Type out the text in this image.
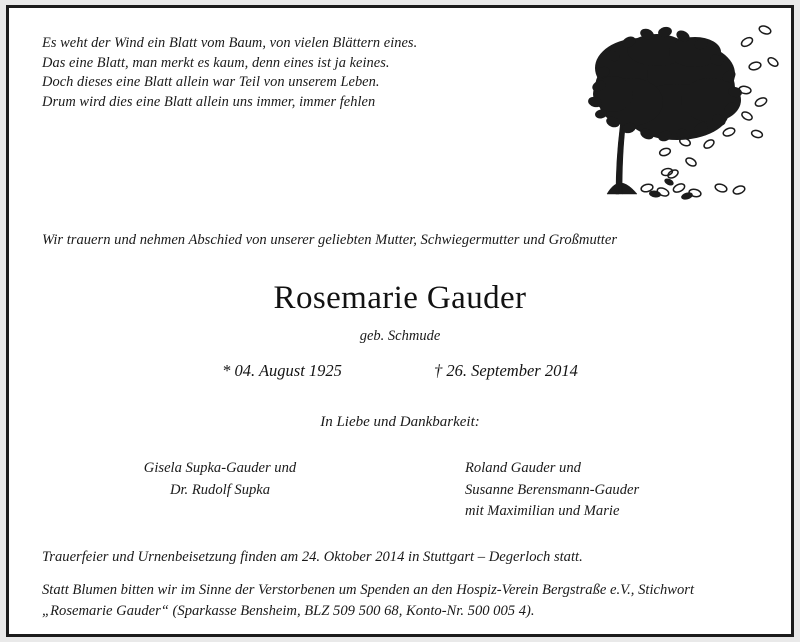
Es weht der Wind ein Blatt vom Baum, von vielen Blättern eines.
Das eine Blatt, man merkt es kaum, denn eines ist ja keines.
Doch dieses eine Blatt allein war Teil von unserem Leben.
Drum wird dies eine Blatt allein uns immer, immer fehlen
Wir trauern und nehmen Abschied von unserer geliebten Mutter, Schwiegermutter und Großmutter
Rosemarie Gauder
geb. Schmude
* 04. August 1925	† 26. September 2014
In Liebe und Dankbarkeit:
Gisela Supka-Gauder und
Dr. Rudolf Supka
Roland Gauder und
Susanne Berensmann-Gauder
mit Maximilian und Marie
Trauerfeier und Urnenbeisetzung finden am 24. Oktober 2014 in Stuttgart – Degerloch statt.
Statt Blumen bitten wir im Sinne der Verstorbenen um Spenden an den Hospiz-Verein Bergstraße e.V., Stichwort
„Rosemarie Gauder“ (Sparkasse Bensheim, BLZ 509 500 68, Konto-Nr. 500 005 4).
